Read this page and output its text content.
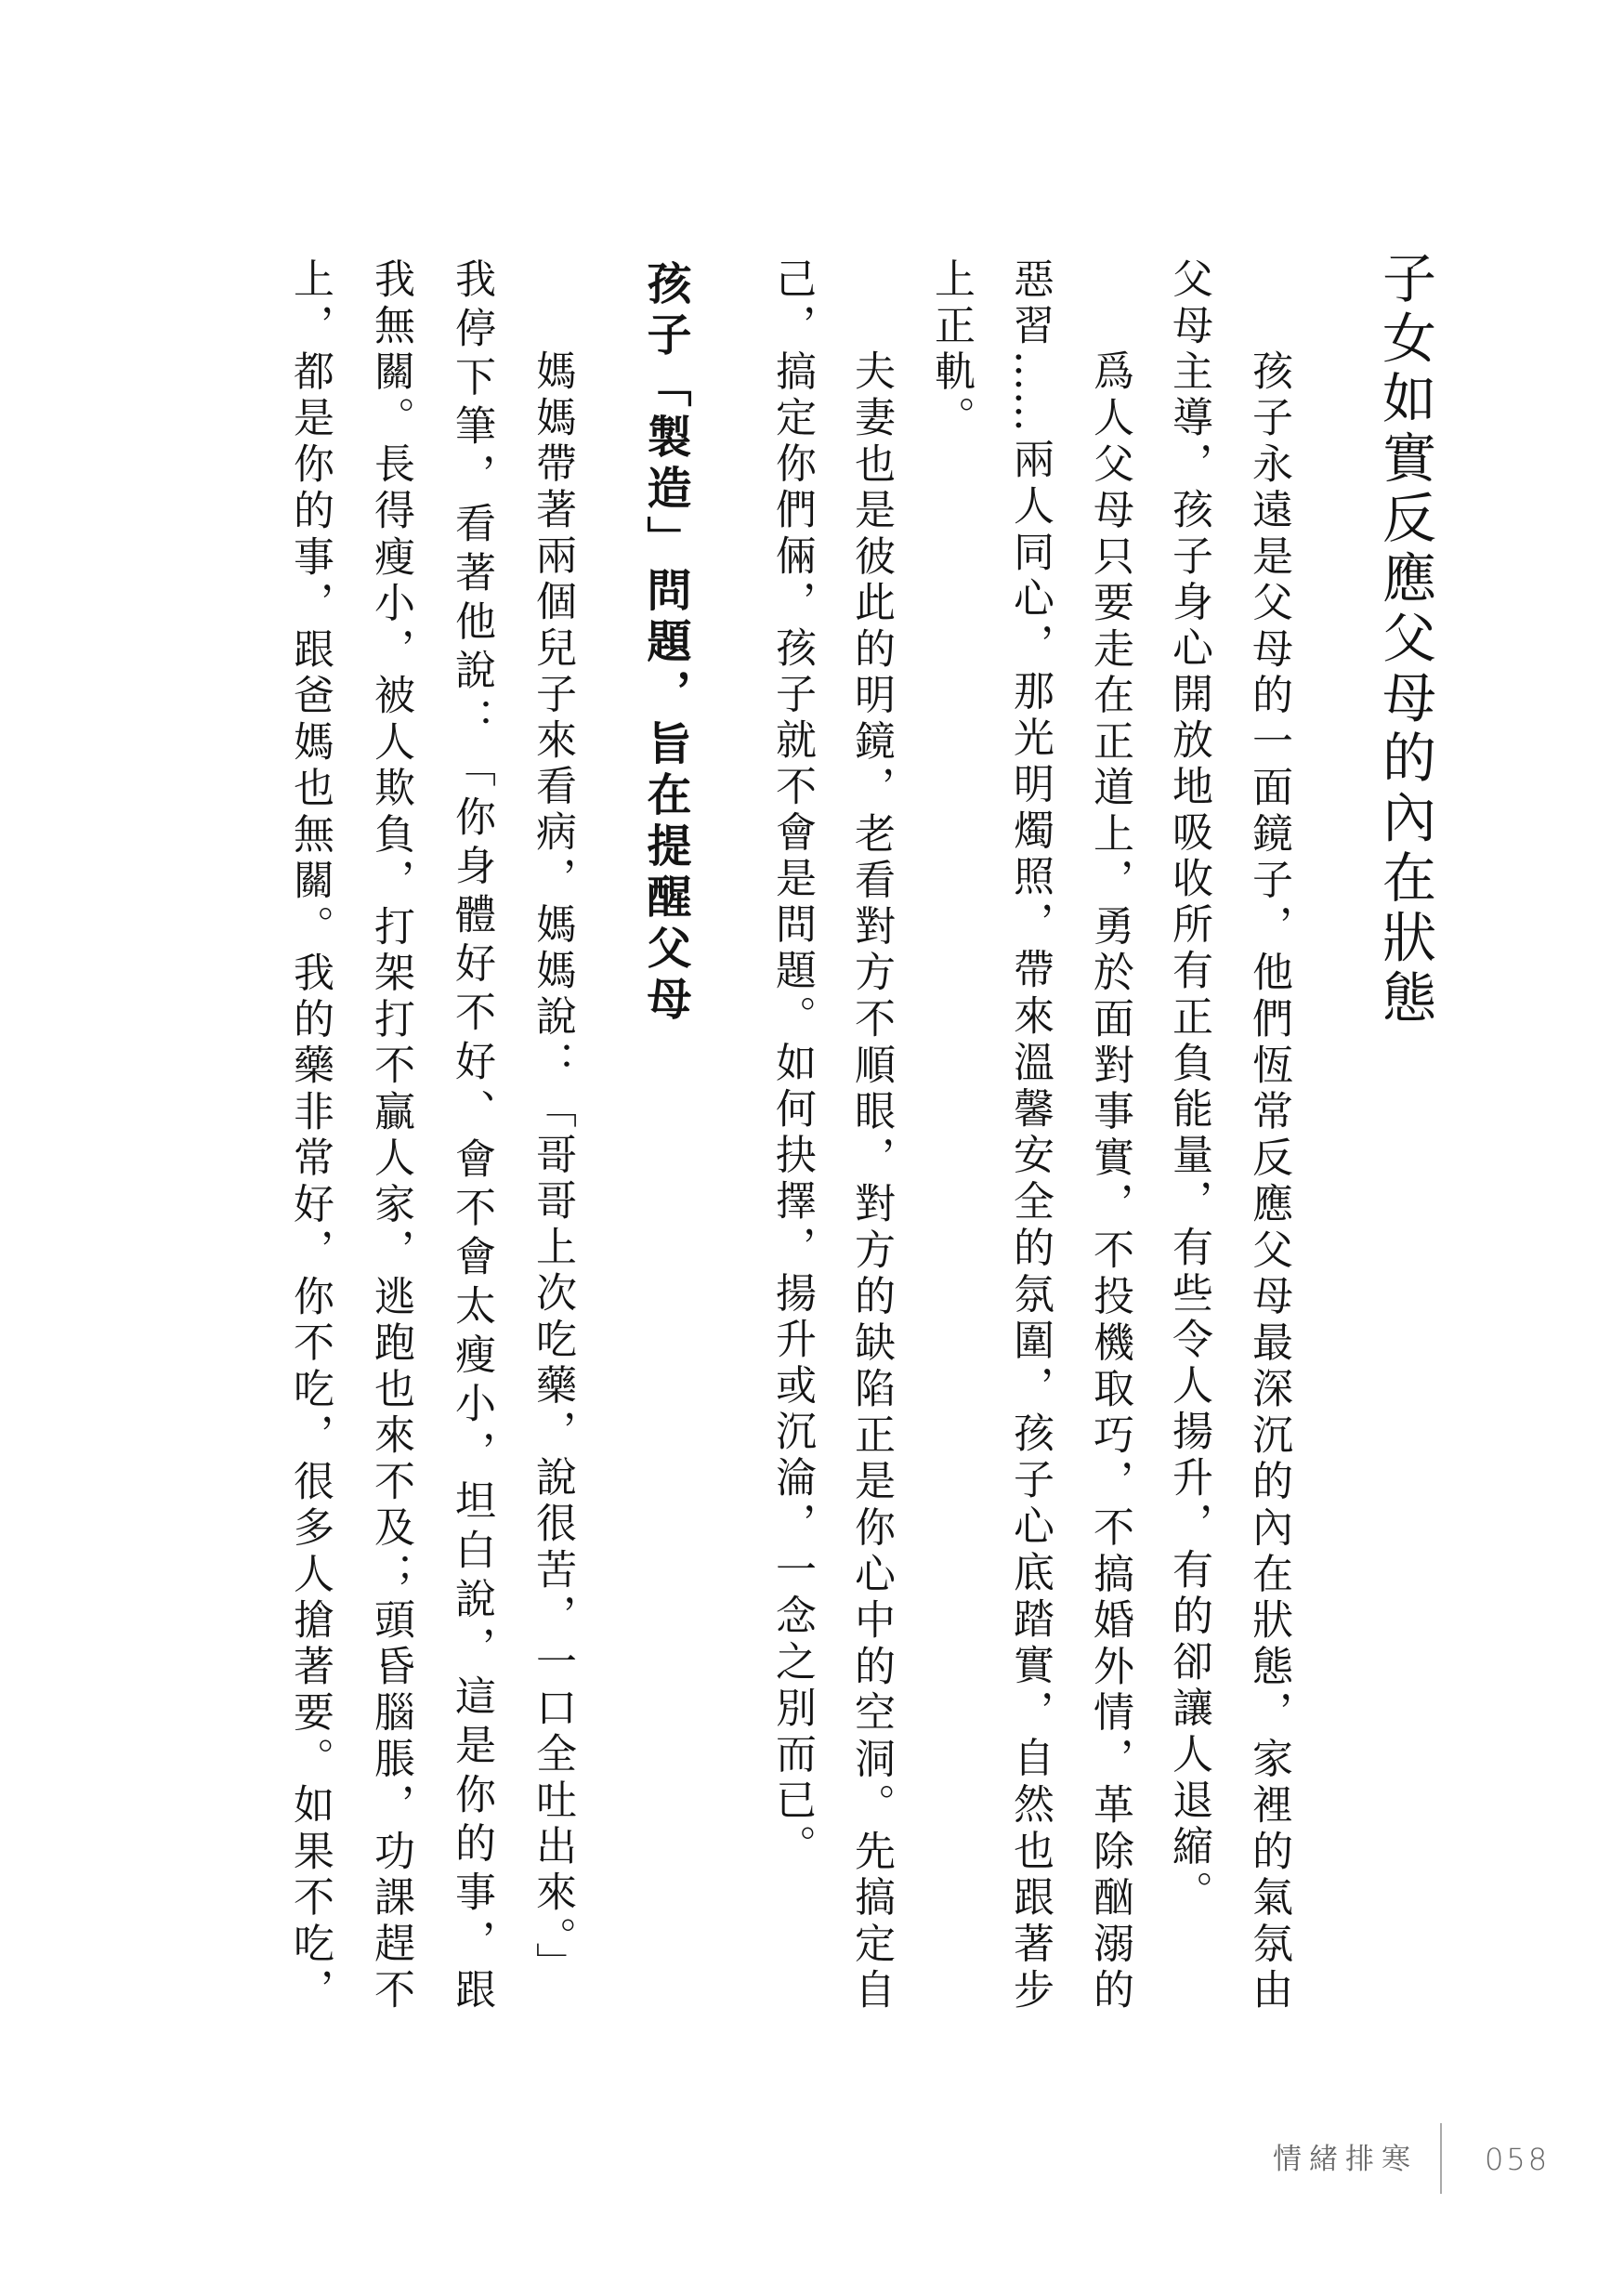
子女如實反應父母的內在狀態
孩子永遠是父母的一面鏡子，他們恆常反應父母最深沉的內在狀態，家裡的氣氛由
父母主導，孩子身心開放地吸收所有正負能量，有些令人揚升，有的卻讓人退縮。
爲人父母只要走在正道上，勇於面對事實，不投機取巧，不搞婚外情，革除酗溺的
惡習……兩人同心，那光明燭照，帶來溫馨安全的氛圍，孩子心底踏實，自然也跟著步
上正軌。
夫妻也是彼此的明鏡，老看對方不順眼，對方的缺陷正是你心中的空洞。先搞定自
己，搞定你們倆，孩子就不會是問題。如何抉擇，揚升或沉淪，一念之別而已。
孩子「製造」問題，旨在提醒父母
媽媽帶著兩個兒子來看病，媽媽說：「哥哥上次吃藥，說很苦，一口全吐出來。」
我停下筆，看著他說：「你身體好不好、會不會太瘦小，坦白說，這是你的事，跟
我無關。長得瘦小，被人欺負，打架打不贏人家，逃跑也來不及；頭昏腦脹，功課趕不
上，都是你的事，跟爸媽也無關。我的藥非常好，你不吃，很多人搶著要。如果不吃，
情緒排寒 058
